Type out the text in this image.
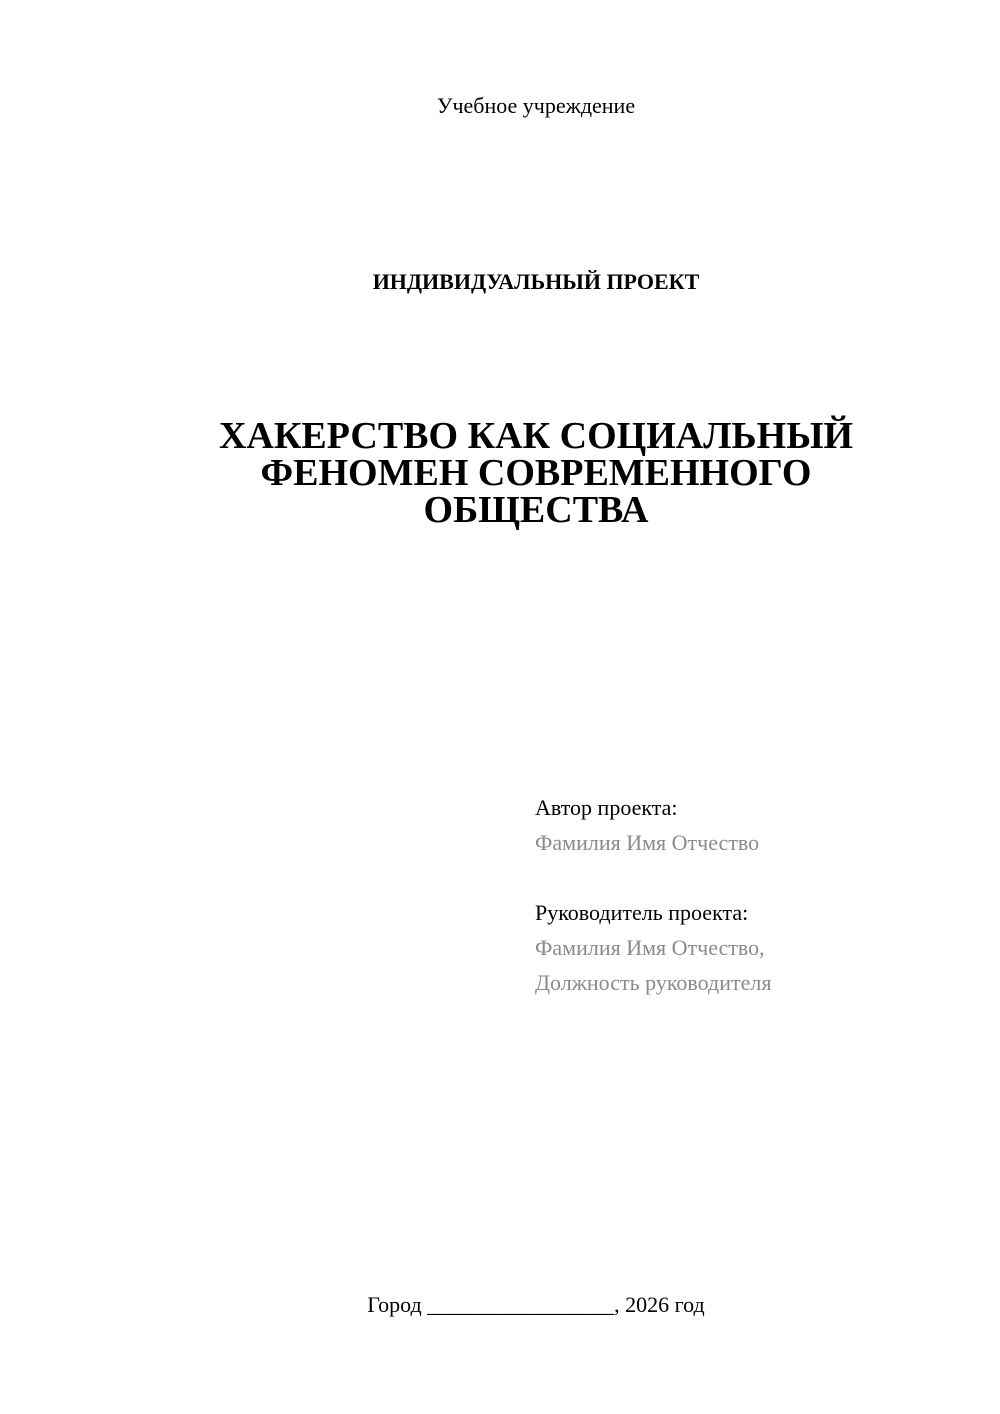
Учебное учреждение
ИНДИВИДУАЛЬНЫЙ ПРОЕКТ
ХАКЕРСТВО КАК СОЦИАЛЬНЫЙ
ФЕНОМЕН СОВРЕМЕННОГО
ОБЩЕСТВА
Автор проекта:
Фамилия Имя Отчество
Руководитель проекта:
Фамилия Имя Отчество,
Должность руководителя
Город _________________, 2026 год
